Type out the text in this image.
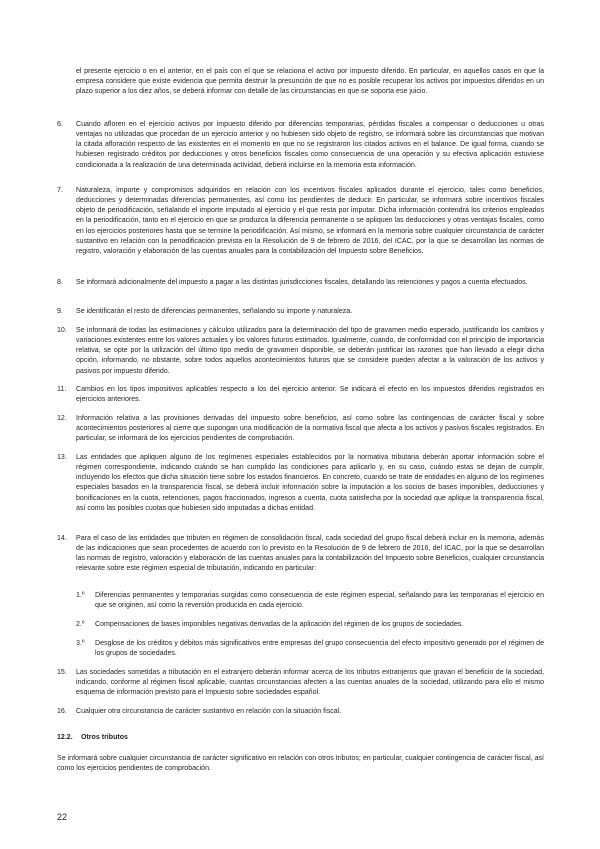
el presente ejercicio o en el anterior, en el país con el que se relaciona el activo por impuesto diferido. En particular, en aquellos casos en que la empresa considere que existe evidencia que permita destruir la presunción de que no es posible recuperar los activos por impuestos diferidos en un plazo superior a los diez años, se deberá informar con detalle de las circunstancias en que se soporta ese juicio.

6.	Cuando afloren en el ejercicio activos por impuesto diferido por diferencias temporarias, pérdidas fiscales a compensar o deducciones u otras ventajas no utilizadas que procedan de un ejercicio anterior y no hubiesen sido objeto de registro, se informará sobre las circunstancias que motivan la citada afloración respecto de las existentes en el momento en que no se registraron los citados activos en el balance. De igual forma, cuando se hubiesen registrado créditos por deducciones y otros beneficios fiscales como consecuencia de una operación y su efectiva aplicación estuviese condicionada a la realización de una determinada actividad, deberá incluirse en la memoria esta información.

7.	Naturaleza, importe y compromisos adquiridos en relación con los incentivos fiscales aplicados durante el ejercicio, tales como beneficios, deducciones y determinadas diferencias permanentes, así como los pendientes de deducir. En particular, se informará sobre incentivos fiscales objeto de periodificación, señalando el importe imputado al ejercicio y el que resta por imputar. Dicha información contendrá los criterios empleados en la periodificación, tanto en el ejercicio en que se produzca la diferencia permanente o se apliquen las deducciones y otras ventajas fiscales, como en los ejercicios posteriores hasta que se termine la periodificación. Así mismo, se informará en la memoria sobre cualquier circunstancia de carácter sustantivo en relación con la periodificación prevista en la Resolución de 9 de febrero de 2016, del ICAC, por la que se desarrollan las normas de registro, valoración y elaboración de las cuentas anuales para la contabilización del Impuesto sobre Beneficios.

8.	Se informará adicionalmente del impuesto a pagar a las distintas jurisdicciones fiscales, detallando las retenciones y pagos a cuenta efectuados.

9.	Se identificarán el resto de diferencias permanentes, señalando su importe y naturaleza.

10.	Se informará de todas las estimaciones y cálculos utilizados para la determinación del tipo de gravamen medio esperado, justificando los cambios y variaciones existentes entre los valores actuales y los valores futuros estimados. Igualmente, cuando, de conformidad con el principio de importancia relativa, se opte por la utilización del último tipo medio de gravamen disponible, se deberán justificar las razones que han llevado a elegir dicha opción, informando, no obstante, sobre todos aquellos acontecimientos futuros que se considere pueden afectar a la valoración de los activos y pasivos por impuesto diferido.

11.	Cambios en los tipos impositivos aplicables respecto a los del ejercicio anterior. Se indicará el efecto en los impuestos diferidos registrados en ejercicios anteriores.

12.	Información relativa a las provisiones derivadas del impuesto sobre beneficios, así como sobre las contingencias de carácter fiscal y sobre acontecimientos posteriores al cierre que supongan una modificación de la normativa fiscal que afecta a los activos y pasivos fiscales registrados. En particular, se informará de los ejercicios pendientes de comprobación.

13.	Las entidades que apliquen alguno de los regímenes especiales establecidos por la normativa tributaria deberán aportar información sobre el régimen correspondiente, indicando cuándo se han cumplido las condiciones para aplicarlo y, en su caso, cuándo estas se dejan de cumplir, incluyendo los efectos que dicha situación tiene sobre los estados financieros. En concreto, cuando se trate de entidades en alguno de los regímenes especiales basados en la transparencia fiscal, se deberá incluir información sobre la imputación a los socios de bases imponibles, deducciones y bonificaciones en la cuota, retenciones, pagos fraccionados, ingresos a cuenta, cuota satisfecha por la sociedad que aplique la transparencia fiscal, así como las posibles cuotas que hubiesen sido imputadas a dichas entidad.

14.	Para el caso de las entidades que tributen en régimen de consolidación fiscal, cada sociedad del grupo fiscal deberá incluir en la memoria, además de las indicaciones que sean procedentes de acuerdo con lo previsto en la Resolución de 9 de febrero de 2016, del ICAC, por la que se desarrollan las normas de registro, valoración y elaboración de las cuentas anuales para la contabilización del Impuesto sobre Beneficios, cualquier circunstancia relevante sobre este régimen especial de tributación, indicando en particular:

1.º	Diferencias permanentes y temporarias surgidas como consecuencia de este régimen especial, señalando para las temporarias el ejercicio en que se originen, así como la reversión producida en cada ejercicio.

2.º	Compensaciones de bases imponibles negativas derivadas de la aplicación del régimen de los grupos de sociedades.

3.º	Desglose de los créditos y débitos más significativos entre empresas del grupo consecuencia del efecto impositivo generado por el régimen de los grupos de sociedades.

15.	Las sociedades sometidas a tributación en el extranjero deberán informar acerca de los tributos extranjeros que gravan el beneficio de la sociedad, indicando, conforme al régimen fiscal aplicable, cuantas circunstancias afecten a las cuentas anuales de la sociedad, utilizando para ello el mismo esquema de información previsto para el Impuesto sobre sociedades español.

16.	Cualquier otra circunstancia de carácter sustantivo en relación con la situación fiscal.

12.2. Otros tributos

Se informará sobre cualquier circunstancia de carácter significativo en relación con otros tributos; en particular, cualquier contingencia de carácter fiscal, así como los ejercicios pendientes de comprobación.

22
